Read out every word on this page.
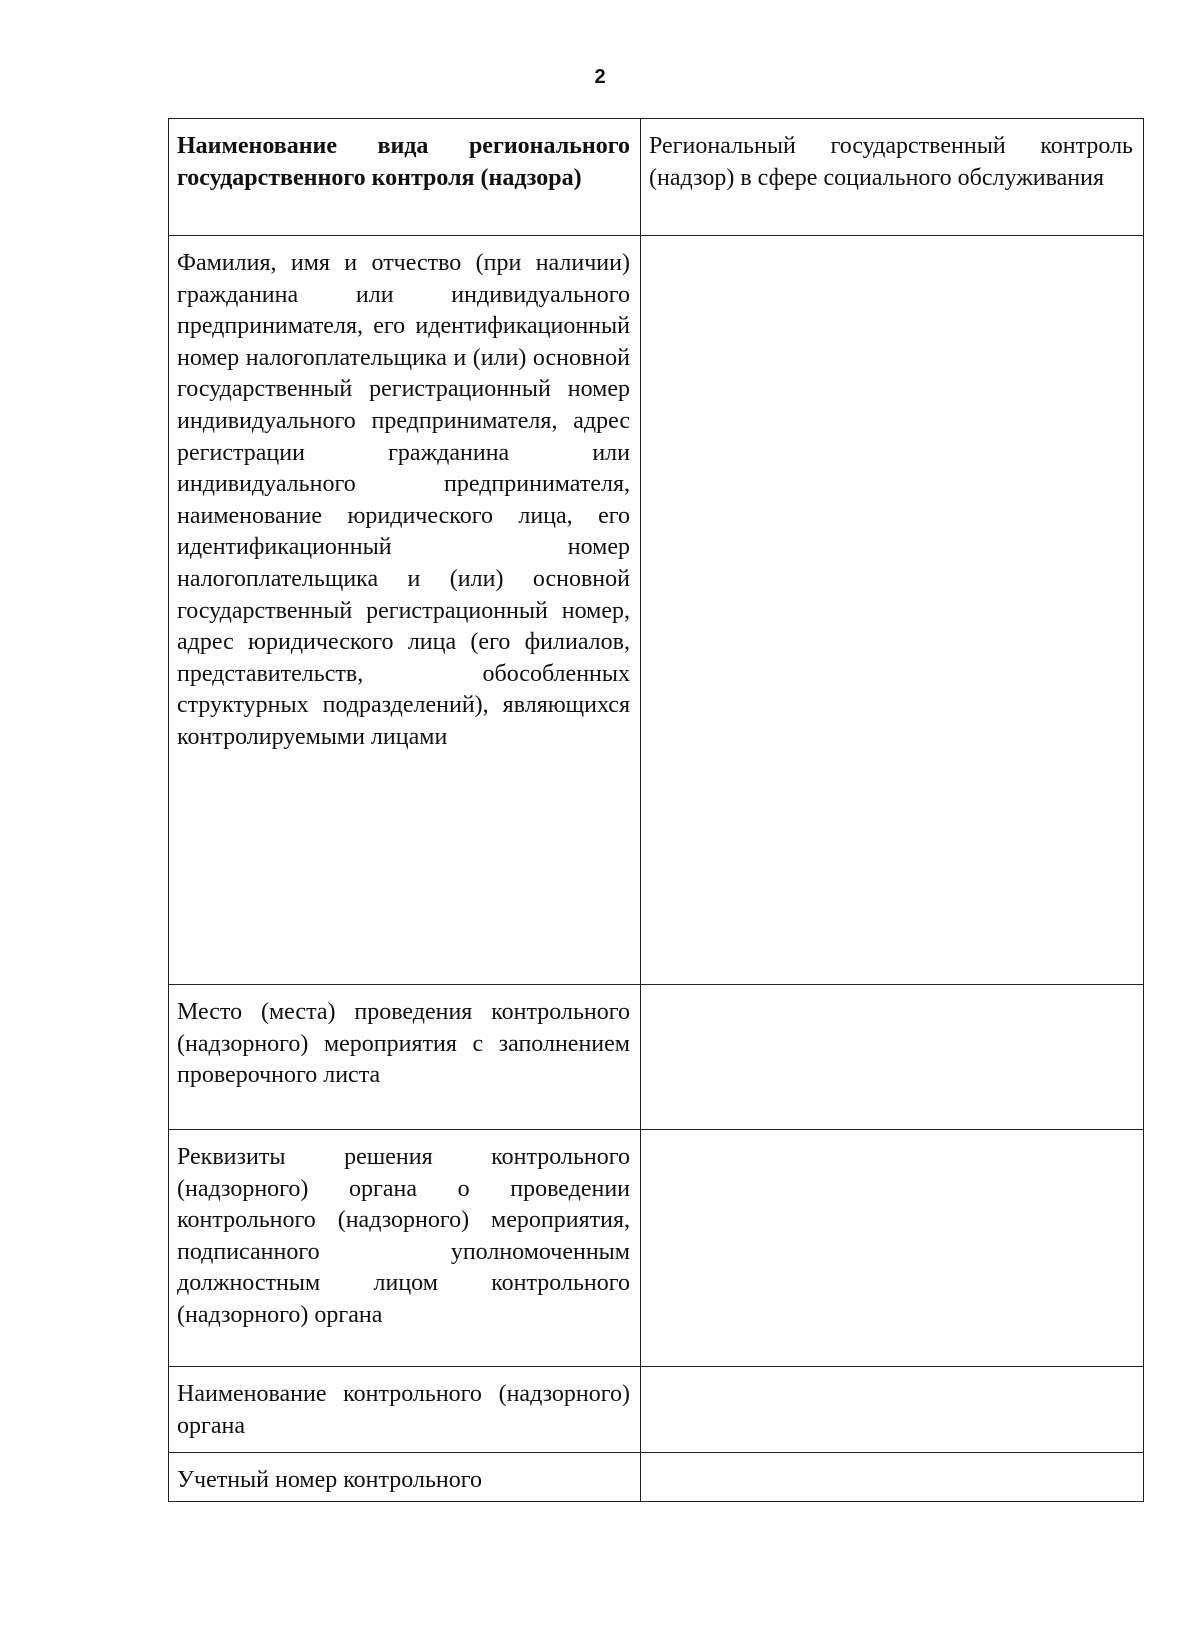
2
Наименование вида регионального государственного контроля (надзора)	Региональный государственный контроль (надзор) в сфере социального обслуживания
Фамилия, имя и отчество (при наличии) гражданина или индивидуального предпринимателя, его идентификационный номер налогоплательщика и (или) основной государственный регистрационный номер индивидуального предпринимателя, адрес регистрации гражданина или индивидуального предпринимателя, наименование юридического лица, его идентификационный номер налогоплательщика и (или) основной государственный регистрационный номер, адрес юридического лица (его филиалов, представительств, обособленных структурных подразделений), являющихся контролируемыми лицами	
Место (места) проведения контрольного (надзорного) мероприятия с заполнением проверочного листа	
Реквизиты решения контрольного (надзорного) органа о проведении контрольного (надзорного) мероприятия, подписанного уполномоченным должностным лицом контрольного (надзорного) органа	
Наименование контрольного (надзорного) органа	
Учетный номер контрольного	
